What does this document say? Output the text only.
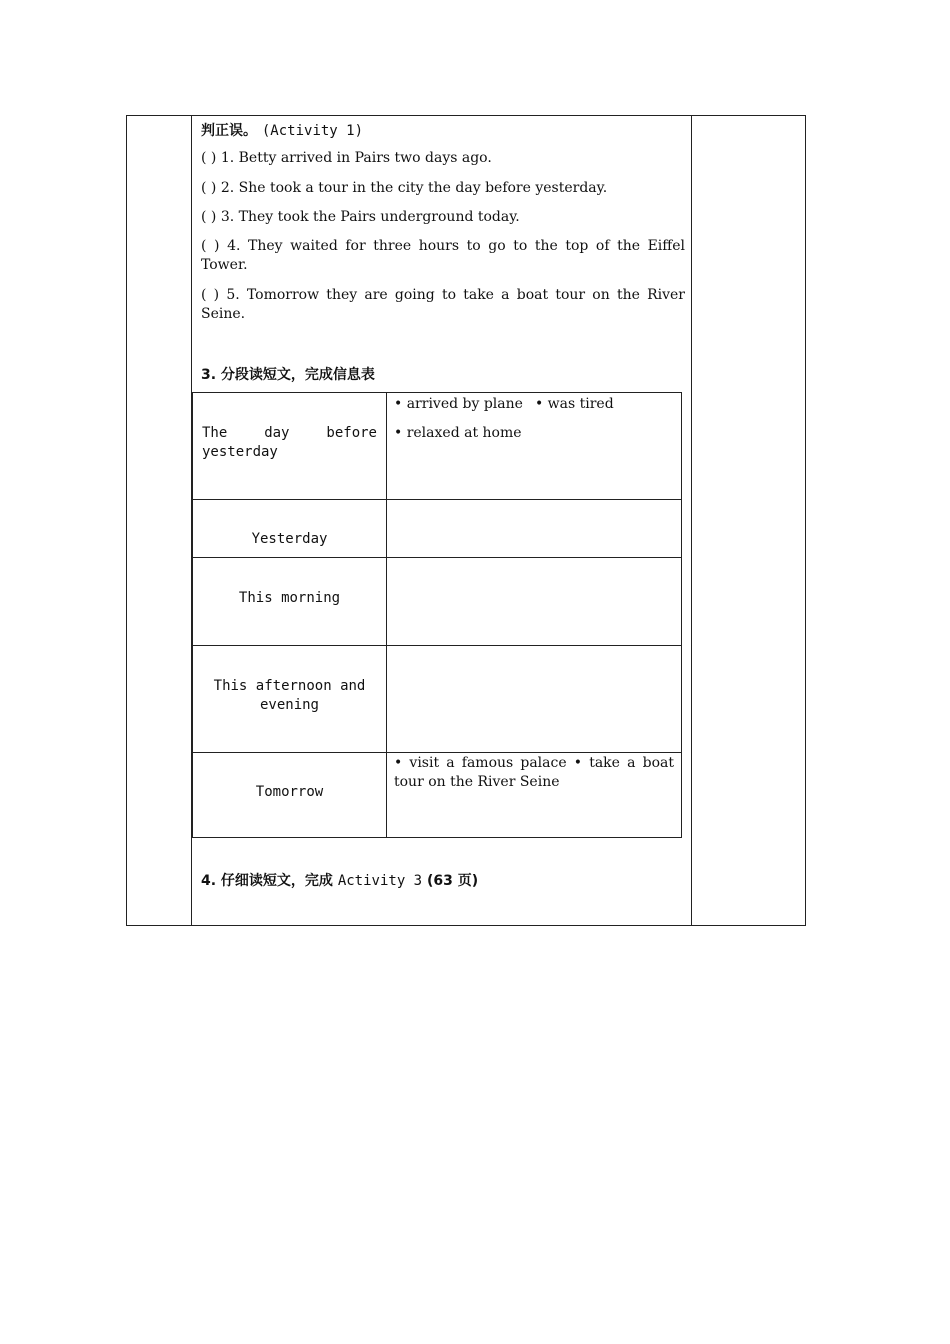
判正误。 (Activity 1)
( ) 1. Betty arrived in Pairs two days ago.
( ) 2. She took a tour in the city the day before yesterday.
( ) 3. They took the Pairs underground today.
( ) 4. They waited for three hours to go to the top of the Eiffel Tower.
( ) 5. Tomorrow they are going to take a boat tour on the River Seine.
3. 分段读短文，完成信息表
4. 仔细读短文，完成 Activity 3 (63 页)
The	day	before
yesterday
• arrived by plane • was tired
• relaxed at home
Yesterday
This morning
This afternoon and evening
Tomorrow
• visit a famous palace • take a boat tour on the River Seine
